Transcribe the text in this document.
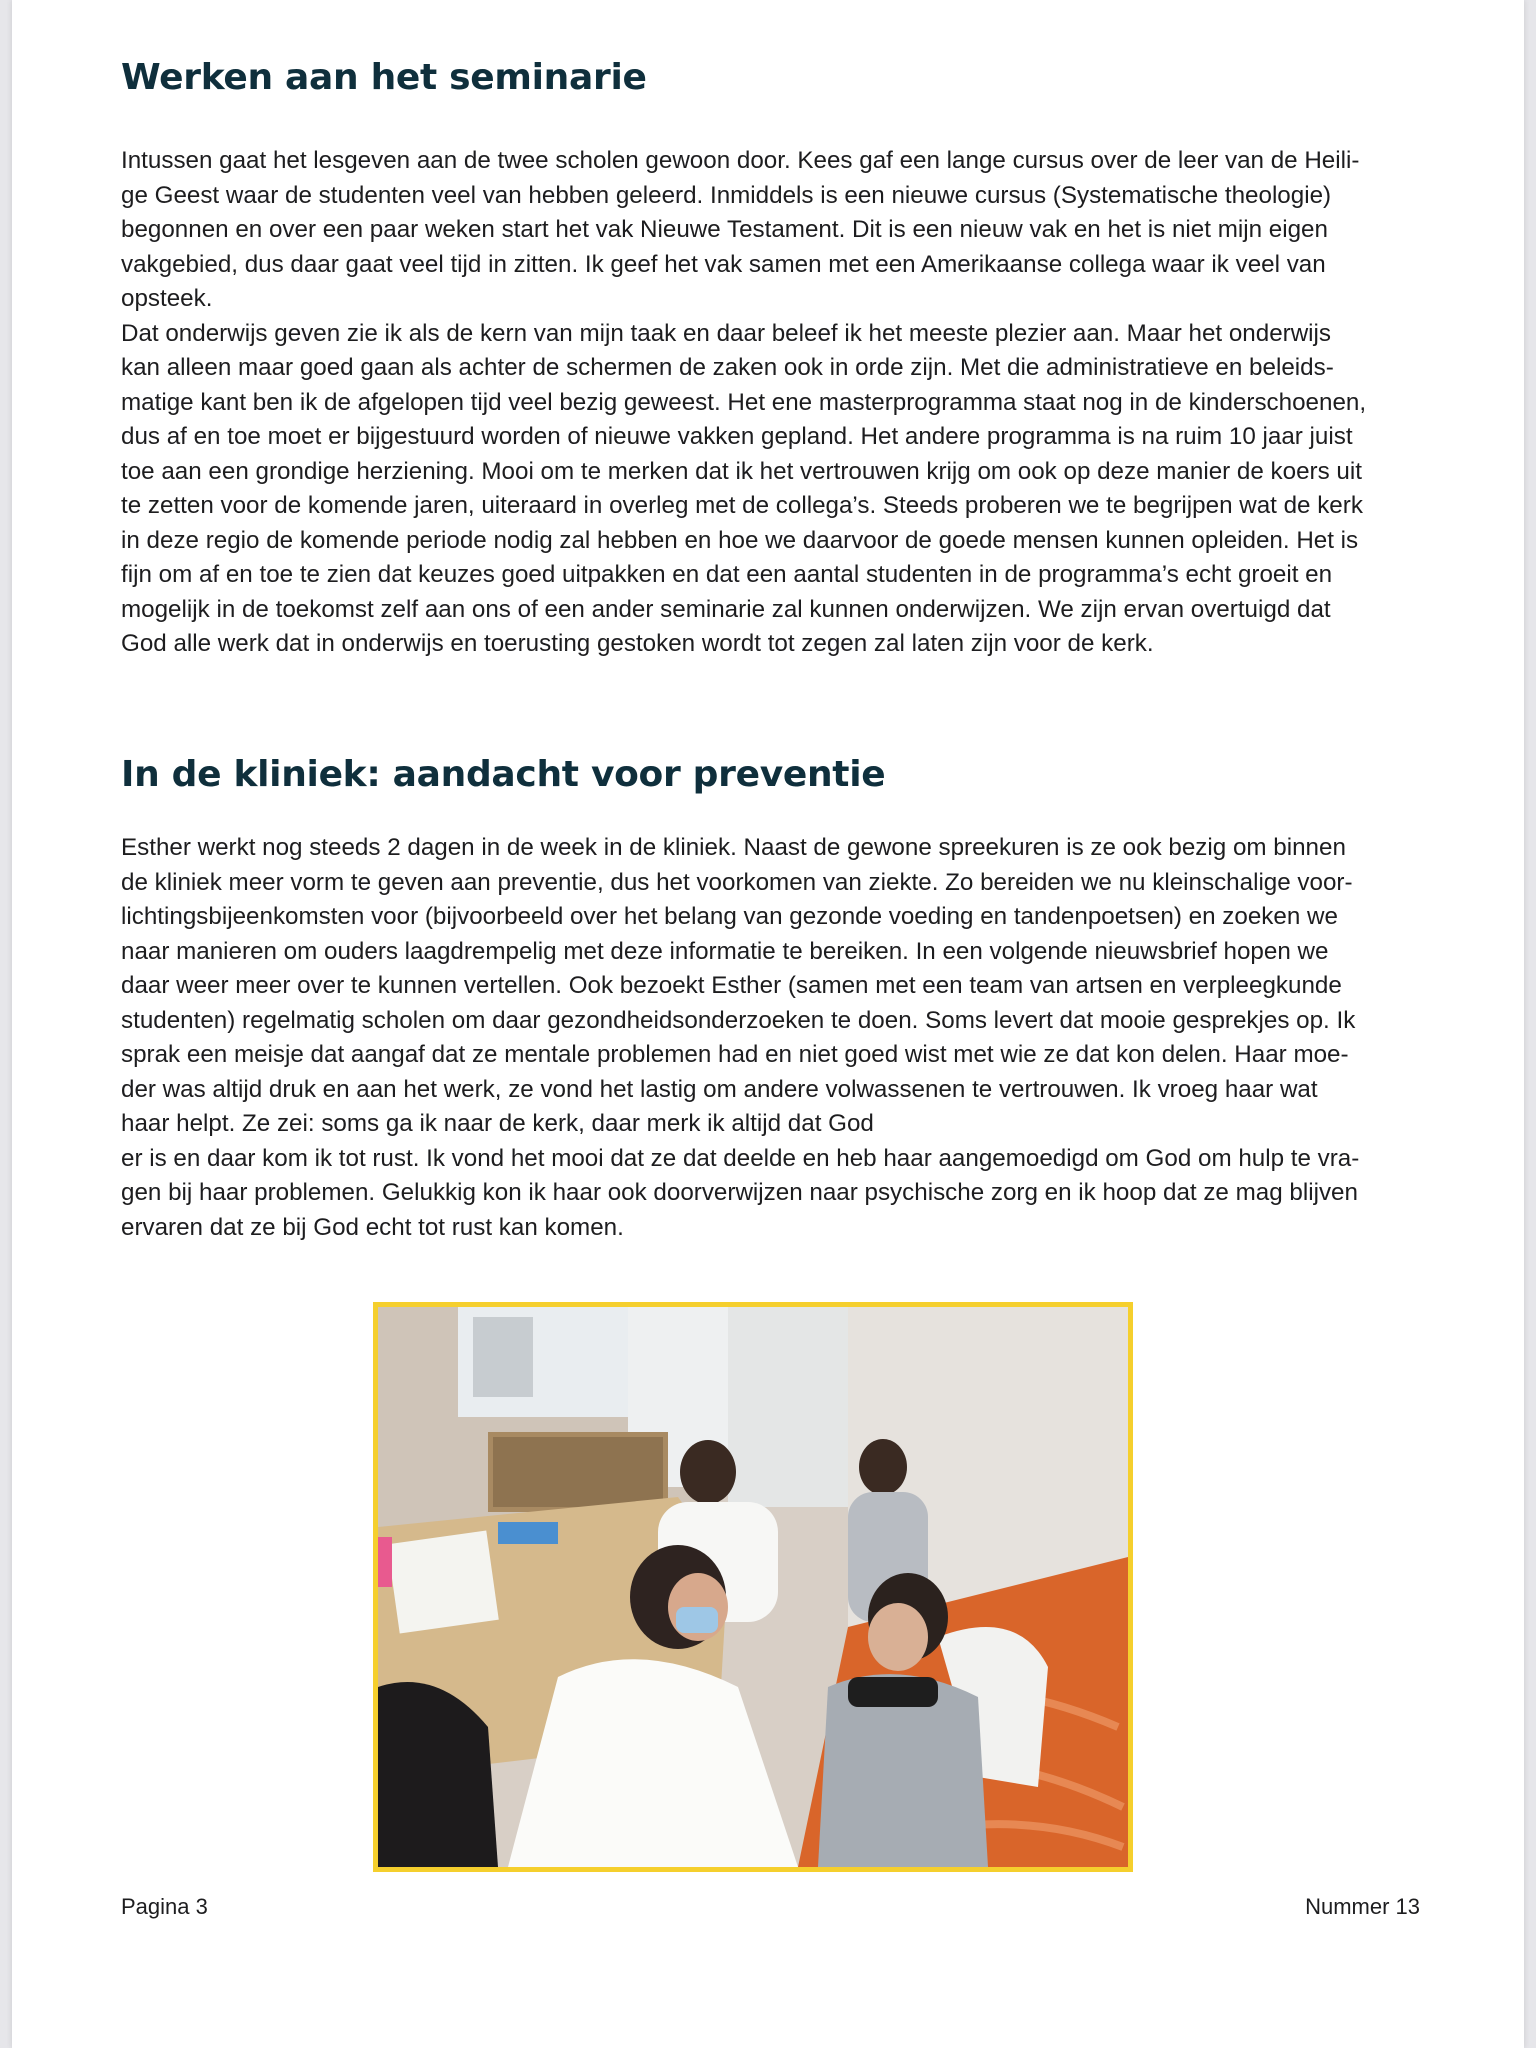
Werken aan het seminarie
Intussen gaat het lesgeven aan de twee scholen gewoon door. Kees gaf een lange cursus over de leer van de Heili-
ge Geest waar de studenten veel van hebben geleerd. Inmiddels is een nieuwe cursus (Systematische theologie)
begonnen en over een paar weken start het vak Nieuwe Testament. Dit is een nieuw vak en het is niet mijn eigen
vakgebied, dus daar gaat veel tijd in zitten. Ik geef het vak samen met een Amerikaanse collega waar ik veel van
opsteek.
Dat onderwijs geven zie ik als de kern van mijn taak en daar beleef ik het meeste plezier aan. Maar het onderwijs
kan alleen maar goed gaan als achter de schermen de zaken ook in orde zijn. Met die administratieve en beleids-
matige kant ben ik de afgelopen tijd veel bezig geweest. Het ene masterprogramma staat nog in de kinderschoenen,
dus af en toe moet er bijgestuurd worden of nieuwe vakken gepland. Het andere programma is na ruim 10 jaar juist
toe aan een grondige herziening. Mooi om te merken dat ik het vertrouwen krijg om ook op deze manier de koers uit
te zetten voor de komende jaren, uiteraard in overleg met de collega’s. Steeds proberen we te begrijpen wat de kerk
in deze regio de komende periode nodig zal hebben en hoe we daarvoor de goede mensen kunnen opleiden. Het is
fijn om af en toe te zien dat keuzes goed uitpakken en dat een aantal studenten in de programma’s echt groeit en
mogelijk in de toekomst zelf aan ons of een ander seminarie zal kunnen onderwijzen. We zijn ervan overtuigd dat
God alle werk dat in onderwijs en toerusting gestoken wordt tot zegen zal laten zijn voor de kerk.
In de kliniek: aandacht voor preventie
Esther werkt nog steeds 2 dagen in de week in de kliniek. Naast de gewone spreekuren is ze ook bezig om binnen
de kliniek meer vorm te geven aan preventie, dus het voorkomen van ziekte. Zo bereiden we nu kleinschalige voor-
lichtingsbijeenkomsten voor (bijvoorbeeld over het belang van gezonde voeding en tandenpoetsen) en zoeken we
naar manieren om ouders laagdrempelig met deze informatie te bereiken. In een volgende nieuwsbrief hopen we
daar weer meer over te kunnen vertellen. Ook bezoekt Esther (samen met een team van artsen en verpleegkunde
studenten) regelmatig scholen om daar gezondheidsonderzoeken te doen. Soms levert dat mooie gesprekjes op. Ik
sprak een meisje dat aangaf dat ze mentale problemen had en niet goed wist met wie ze dat kon delen. Haar moe-
der was altijd druk en aan het werk, ze vond het lastig om andere volwassenen te vertrouwen. Ik vroeg haar wat
haar helpt. Ze zei: soms ga ik naar de kerk, daar merk ik altijd dat God
er is en daar kom ik tot rust. Ik vond het mooi dat ze dat deelde en heb haar aangemoedigd om God om hulp te vra-
gen bij haar problemen. Gelukkig kon ik haar ook doorverwijzen naar psychische zorg en ik hoop dat ze mag blijven
ervaren dat ze bij God echt tot rust kan komen.
Pagina 3	Nummer 13
